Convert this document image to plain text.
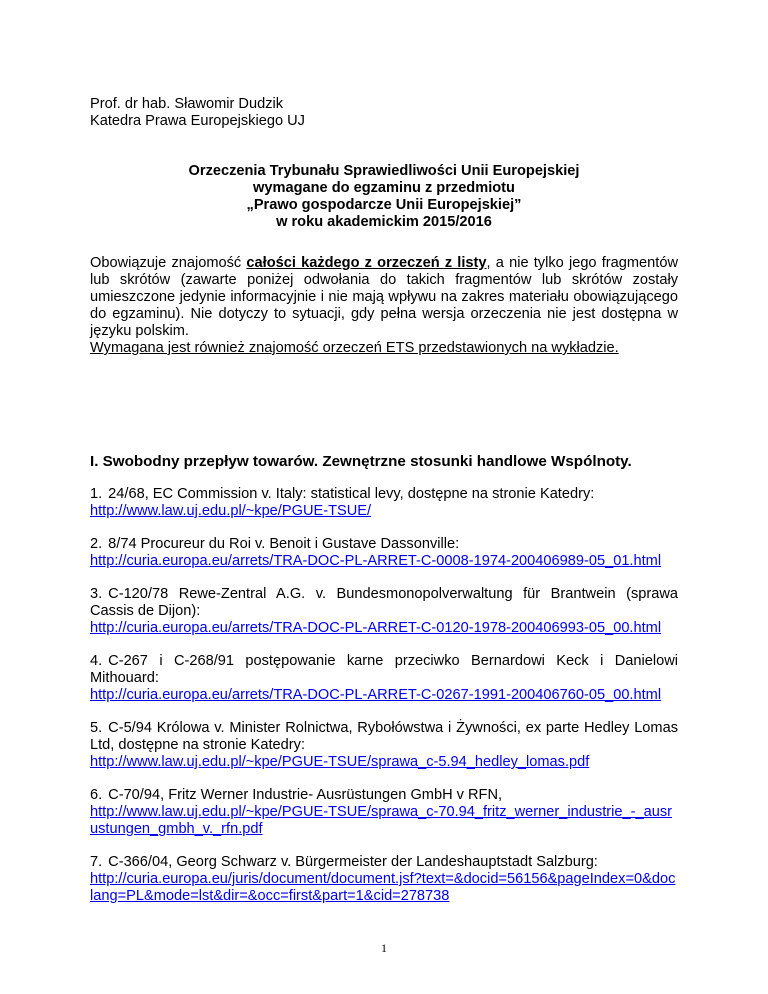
Prof. dr hab. Sławomir Dudzik
Katedra Prawa Europejskiego UJ
Orzeczenia Trybunału Sprawiedliwości Unii Europejskiej
wymagane do egzaminu z przedmiotu
„Prawo gospodarcze Unii Europejskiej”
w roku akademickim 2015/2016
Obowiązuje znajomość całości każdego z orzeczeń z listy, a nie tylko jego fragmentów lub skrótów (zawarte poniżej odwołania do takich fragmentów lub skrótów zostały umieszczone jedynie informacyjnie i nie mają wpływu na zakres materiału obowiązującego do egzaminu). Nie dotyczy to sytuacji, gdy pełna wersja orzeczenia nie jest dostępna w języku polskim.
Wymagana jest również znajomość orzeczeń ETS przedstawionych na wykładzie.
I. Swobodny przepływ towarów. Zewnętrzne stosunki handlowe Wspólnoty.
1. 24/68, EC Commission v. Italy: statistical levy, dostępne na stronie Katedry:
http://www.law.uj.edu.pl/~kpe/PGUE-TSUE/
2. 8/74 Procureur du Roi v. Benoit i Gustave Dassonville:
http://curia.europa.eu/arrets/TRA-DOC-PL-ARRET-C-0008-1974-200406989-05_01.html
3. C-120/78 Rewe-Zentral A.G. v. Bundesmonopolverwaltung für Brantwein (sprawa Cassis de Dijon):
http://curia.europa.eu/arrets/TRA-DOC-PL-ARRET-C-0120-1978-200406993-05_00.html
4. C-267 i C-268/91 postępowanie karne przeciwko Bernardowi Keck i Danielowi Mithouard:
http://curia.europa.eu/arrets/TRA-DOC-PL-ARRET-C-0267-1991-200406760-05_00.html
5. C-5/94 Królowa v. Minister Rolnictwa, Rybołówstwa i Żywności, ex parte Hedley Lomas Ltd, dostępne na stronie Katedry:
http://www.law.uj.edu.pl/~kpe/PGUE-TSUE/sprawa_c-5.94_hedley_lomas.pdf
6. C-70/94, Fritz Werner Industrie- Ausrüstungen GmbH v RFN,
http://www.law.uj.edu.pl/~kpe/PGUE-TSUE/sprawa_c-70.94_fritz_werner_industrie_-_ausrustungen_gmbh_v._rfn.pdf
7. C-366/04, Georg Schwarz v. Bürgermeister der Landeshauptstadt Salzburg:
http://curia.europa.eu/juris/document/document.jsf?text=&docid=56156&pageIndex=0&doclang=PL&mode=lst&dir=&occ=first&part=1&cid=278738
1
